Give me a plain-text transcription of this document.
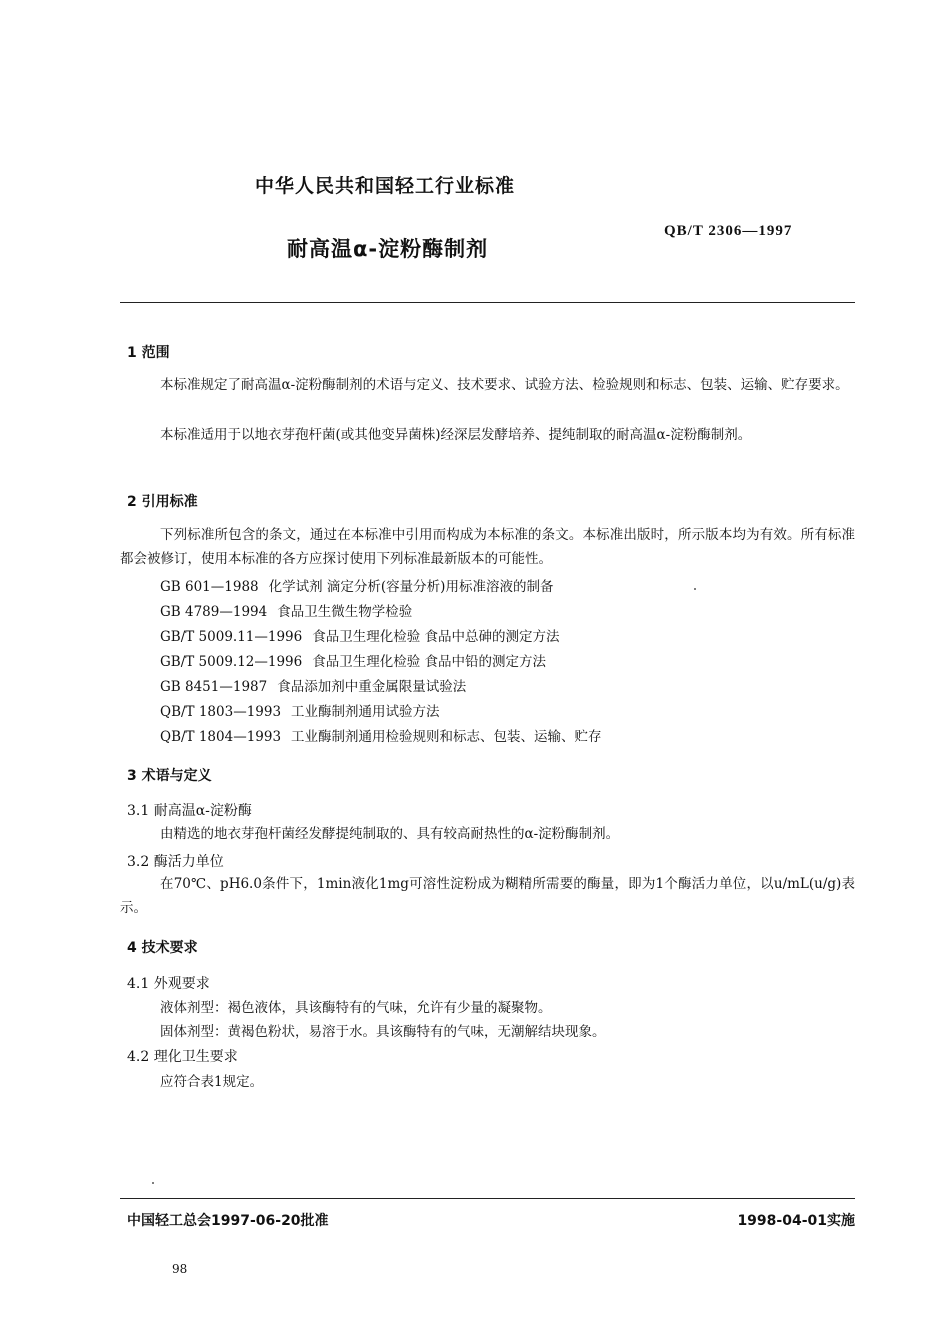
中华人民共和国轻工行业标准
QB/T 2306—1997
耐高温α-淀粉酶制剂
1 范围
本标准规定了耐高温α-淀粉酶制剂的术语与定义、技术要求、试验方法、检验规则和标志、包装、运输、贮存要求。
本标准适用于以地衣芽孢杆菌(或其他变异菌株)经深层发酵培养、提纯制取的耐高温α-淀粉酶制剂。
2 引用标准
下列标准所包含的条文，通过在本标准中引用而构成为本标准的条文。本标准出版时，所示版本均为有效。所有标准都会被修订，使用本标准的各方应探讨使用下列标准最新版本的可能性。
GB 601—1988 化学试剂 滴定分析(容量分析)用标准溶液的制备
GB 4789—1994 食品卫生微生物学检验
GB/T 5009.11—1996 食品卫生理化检验 食品中总砷的测定方法
GB/T 5009.12—1996 食品卫生理化检验 食品中铅的测定方法
GB 8451—1987 食品添加剂中重金属限量试验法
QB/T 1803—1993 工业酶制剂通用试验方法
QB/T 1804—1993 工业酶制剂通用检验规则和标志、包装、运输、贮存
3 术语与定义
3.1 耐高温α-淀粉酶
由精选的地衣芽孢杆菌经发酵提纯制取的、具有较高耐热性的α-淀粉酶制剂。
3.2 酶活力单位
在70℃、pH6.0条件下，1min液化1mg可溶性淀粉成为糊精所需要的酶量，即为1个酶活力单位，以u/mL(u/g)表示。
4 技术要求
4.1 外观要求
液体剂型：褐色液体，具该酶特有的气味，允许有少量的凝聚物。
固体剂型：黄褐色粉状，易溶于水。具该酶特有的气味，无潮解结块现象。
4.2 理化卫生要求
应符合表1规定。
中国轻工总会1997-06-20批准	1998-04-01实施
98
